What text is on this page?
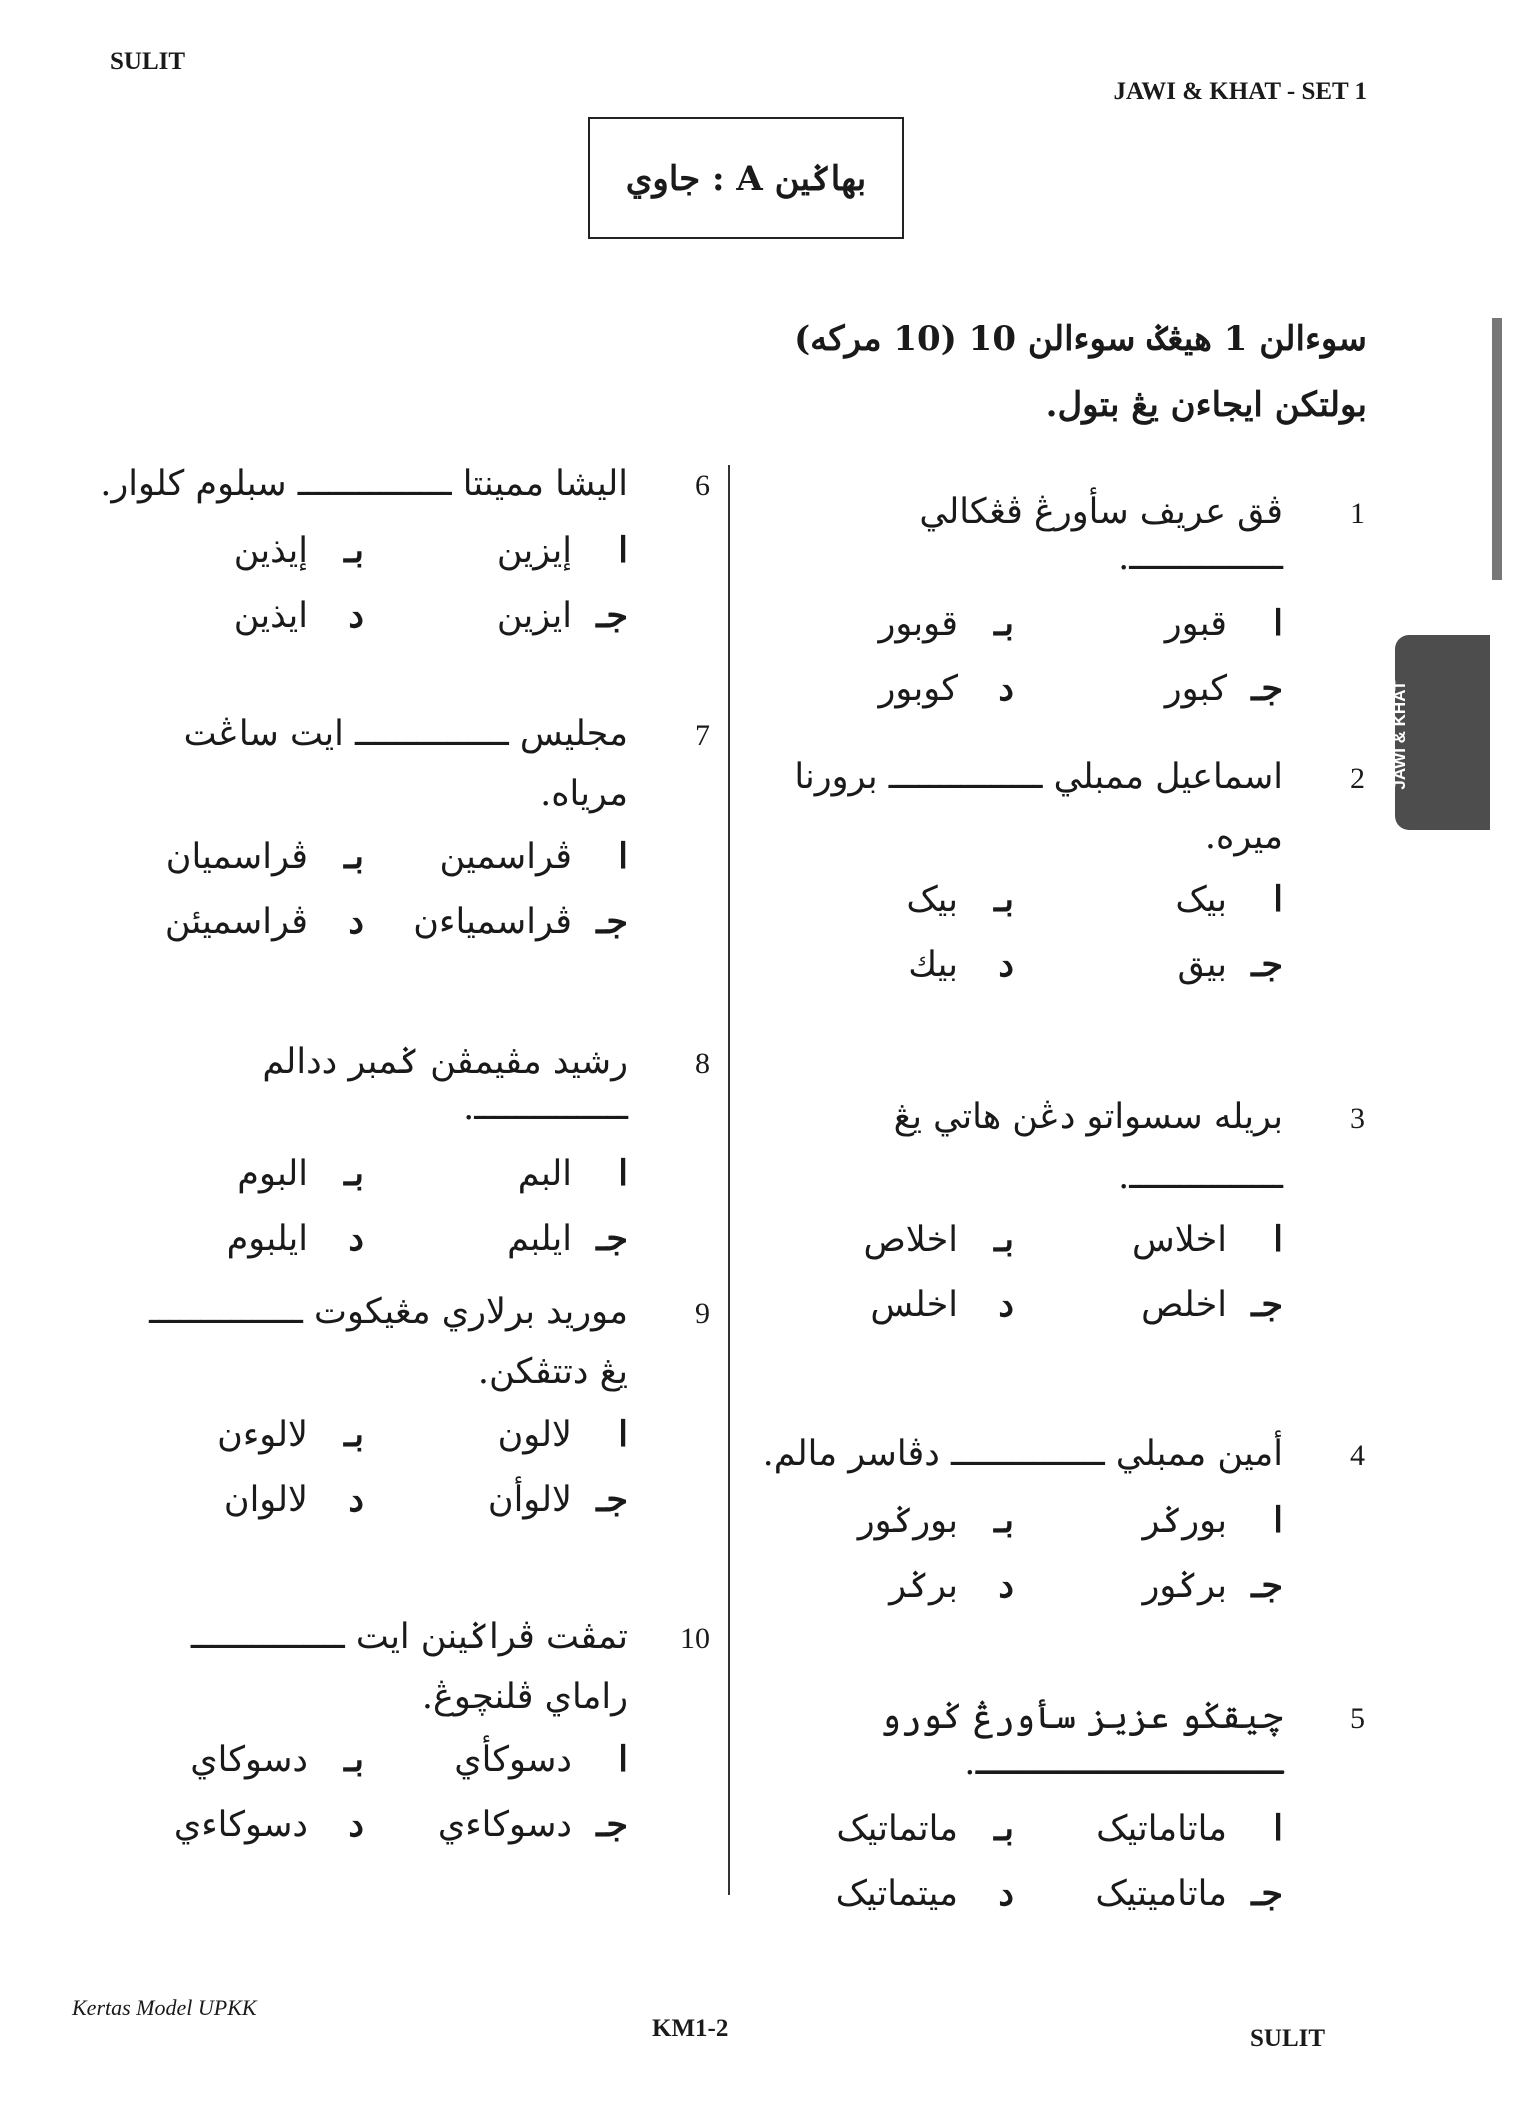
SULIT
JAWI & KHAT - SET 1
بهاݢين A : جاوي
سوءالن 1 هيڠݢ سوءالن 10 (10 مركه)
بولتكن ايجاءن يڠ بتول.
JAWI & KHAT
1
ڤق عريف سأورڠ ڤڠکالي ـــــــــــــــ.
ا
قبور
بـ
قوبور
جـ
کبور
د
کوبور
2
اسماعيل ممبلي ـــــــــــــــ برورنا
ميره.
ا
بيک
بـ
بيک
جـ
بيق
د
بيك
3
بريله سسواتو دڠن هاتي يڠ
ـــــــــــــــ.
ا
اخلاس
بـ
اخلاص
جـ
اخلص
د
اخلس
4
أمين ممبلي ـــــــــــــــ دڤاسر مالم.
ا
بورݢر
بـ
بورݢور
جـ
برݢور
د
برݢر
5
چيقݢو عزيز سأورڠ ݢورو ـــــــــــــــ.
ا
ماتاماتيک
بـ
ماتماتيک
جـ
ماتاميتيک
د
ميتماتيک
6
اليشا ممينتا ـــــــــــــــ سبلوم كلوار.
ا
إيزين
بـ
إيذين
جـ
ايزين
د
ايذين
7
مجليس ـــــــــــــــ ايت ساڠت
مرياه.
ا
ڤراسمين
بـ
ڤراسميان
جـ
ڤراسمياءن
د
ڤراسميئن
8
رشيد مڤيمڤن ݢمبر ددالم ـــــــــــــــ.
ا
البم
بـ
البوم
جـ
ايلبم
د
ايلبوم
9
موريد برلاري مڠيکوت ـــــــــــــــ
يڠ دتتڤکن.
ا
لالون
بـ
لالوءن
جـ
لالوأن
د
لالوان
10
تمڤت ڤراݢينن ايت ـــــــــــــــ
راماي ڤلنچوڠ.
ا
دسوکأي
بـ
دسوکاي
جـ
دسوکاءي
د
دسوکاءي
Kertas Model UPKK
KM1-2	SULIT
